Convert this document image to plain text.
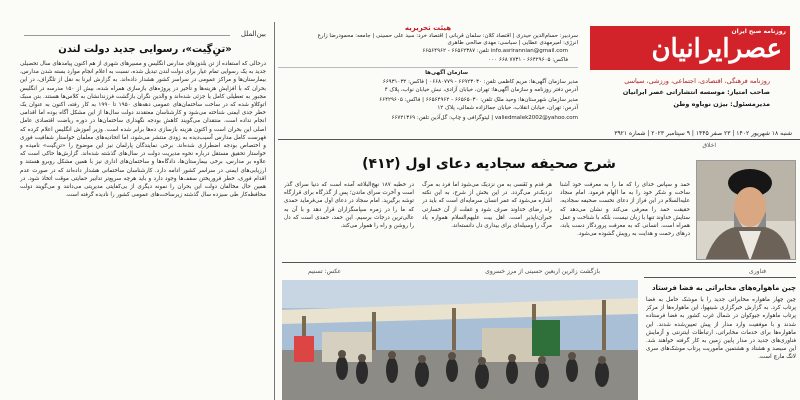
بین‌الملل
«تنِ‌گِیت»، رسوایی جدید دولت لندن
درحالی که استفاده از تن بلدوزهای مدارس انگلیس و مسیرهای شهری از هم اکنون پیامدهای سال تحصیلی جدید به یک رسوایی تمام عیار برای دولت لندن تبدیل شده، نسبت به اعلام انجام موارد بسته شدن مدارس، بیمارستان‌ها و مراکز عمومی در سراسر کشور هشدار داده‌اند. به گزارش ایرنا به نقل از تلگراف، در این بحران که با افزایش هزینه‌ها و تأخیر در پروژه‌های بازسازی همراه شده، بیش از ۱۵۰ مدرسه در انگلیس مجبور به تعطیلی کامل یا جزئی شده‌اند و والدین نگران بازگشت فرزندانشان به کلاس‌ها هستند. بتن سبک اتوکلاو شده که در ساخت ساختمان‌های عمومی دهه‌های ۱۹۵۰ تا ۱۹۹۰ به کار رفته، اکنون به عنوان یک خطر جدی ایمنی شناخته می‌شود و کارشناسان معتقدند دولت سال‌ها از این مشکل آگاه بوده اما اقدامی انجام نداده است. منتقدان می‌گویند کاهش بودجه نگهداری ساختمان‌ها در دوره ریاضت اقتصادی عامل اصلی این بحران است و اکنون هزینه بازسازی ده‌ها برابر شده است. وزیر آموزش انگلیس اعلام کرده که فهرست کامل مدارس آسیب‌دیده به زودی منتشر می‌شود، اما اتحادیه‌های معلمان خواستار شفافیت فوری و اختصاص بودجه اضطراری شده‌اند. برخی نمایندگان پارلمان نیز این موضوع را «تنِ‌گیت» نامیده و خواستار تحقیق مستقل درباره نحوه مدیریت دولت در سال‌های گذشته شده‌اند. گزارش‌ها حاکی است که علاوه بر مدارس، برخی بیمارستان‌ها، دادگاه‌ها و ساختمان‌های اداری نیز با همین مشکل روبرو هستند و ارزیابی‌های ایمنی در سراسر کشور ادامه دارد. کارشناسان ساختمانی هشدار داده‌اند که در صورت عدم اقدام فوری، خطر فروریختن سقف‌ها وجود دارد و باید هرچه سریع‌تر تدابیر حمایتی موقت اتخاذ شود. در همین حال مخالفان دولت این بحران را نمونه دیگری از بی‌کفایتی مدیریتی می‌دانند و می‌گویند دولت محافظه‌کار طی سیزده سال گذشته زیرساخت‌های عمومی کشور را نادیده گرفته است.
روزنامه صبح ایران
عصرایرانیان
روزنامه فرهنگی، اقتصادی، اجتماعی، ورزشی، سیاسی
صاحب امتیاز: موسسه انتشاراتی عصر ایرانیان
مدیرمسئول: بیژن نوباوه وطن
شنبه ۱۸ شهریور ۱۴۰۲ | ۲۳ صفر ۱۴۴۵ | ۹ سپتامبر ۲۰۲۳ | شماره ۳۹۲۱
هیئت تحریریه
سردبیر: حسام‌الدین حیدری | اقتصاد کلان: سلمان قربانی | اقتصاد خرد: سید علی حسینی | جامعه: محمودرضا زارع
انرژی: امیرمهدی عطایی | سیاسی: مهدی صالحی طاهری
info.asrirannian@gmail.com تلفن: ۶۶۵۶۲۳۸۷ - ۶۶۵۶۴۹۶۲
فاکس: ۶۶۴۲۹۶۰۵ - ۷۷۳۱ ۶۶۸ ۰۰۰
سازمان آگهی‌ها
مدیر سازمان آگهی‌ها: مریم کاظمی تلفن: ۶۶۹۲۳۰۳۰ - ۰۶۶۸۰۷۷۹ | فاکس: ۶۶۹۳۱۰۳۲
آدرس دفتر روزنامه و سازمان آگهی‌ها: تهران، خیابان آزادی، نبش خیابان نواب، پلاک ۴
مدیر سازمان شهرستان‌ها: وحید ملک تلفن: ۶۶۵۶۵۰۳۰ - ۶۶۵۶۴۹۶۲ | فاکس: ۶۶۴۲۹۶۰۵
آدرس: تهران، خیابان انقلاب، خیابان جمالزاده شمالی، پلاک ۱۲
valiedmalek2002@yahoo.com | لیتوگرافی و چاپ: گل‌آذین تلفن: ۶۶۷۲۱۳۶۹
اخلاق
شرح صحیفه سجادیه دعای اول (۴۱۲)
حمد و سپاس خدای را که ما را به معرفت خود آشنا ساخت و شکر خود را به ما الهام فرمود. امام سجاد علیه‌السلام در این فراز از دعای نخست صحیفه سجادیه، حقیقت حمد را معرفی می‌کند و نشان می‌دهد که ستایش خداوند تنها با زبان نیست، بلکه با شناخت و عمل همراه است. انسانی که به معرفت پروردگار دست یابد، درهای رحمت و هدایت به رویش گشوده می‌شود.
هر قدم و نَفَسی به من نزدیک می‌شود اما فرد به مرگ نزدیک‌تر می‌گردد. در این بخش از شرح، به این نکته اشاره می‌شود که عمر انسان سرمایه‌ای است که باید در راه رضای خداوند صرف شود و غفلت از آن خسارتی جبران‌ناپذیر است. اهل بیت علیهم‌السلام همواره یاد مرگ را وسیله‌ای برای بیداری دل دانسته‌اند.
در خطبه ۱۸۷ نهج‌البلاغه آمده است که دنیا سرای گذر است و آخرت سرای ماندن؛ پس از گذرگاه برای قرارگاه توشه برگیرید. امام سجاد در دعای اول می‌فرماید حمدی که ما را در زمره سپاسگزاران قرار دهد و با آن به عالی‌ترین درجات برسیم. این حمد، حمدی است که دل را روشن و راه را هموار می‌کند.
بازگشت زائرین اربعین حسینی از مرز خسروی
عکس: تسنیم	فناوری
چین ماهواره‌های مخابراتی به فضا فرستاد
چین چهار ماهواره مخابراتی جدید را با موشک حامل به فضا پرتاب کرد. به گزارش خبرگزاری شینهوا، این ماهواره‌ها از مرکز پرتاب ماهواره جیوکوان در شمال غرب کشور به فضا فرستاده شدند و با موفقیت وارد مدار از پیش تعیین‌شده شدند. این ماهواره‌ها برای خدمات مخابراتی، ارتباطات اینترنتی و آزمایش فناوری‌های جدید در مدار پایین زمین به کار گرفته خواهند شد. این سیصد و هشتاد و هشتمین مأموریت پرتاب موشک‌های سری لانگ مارچ است.
